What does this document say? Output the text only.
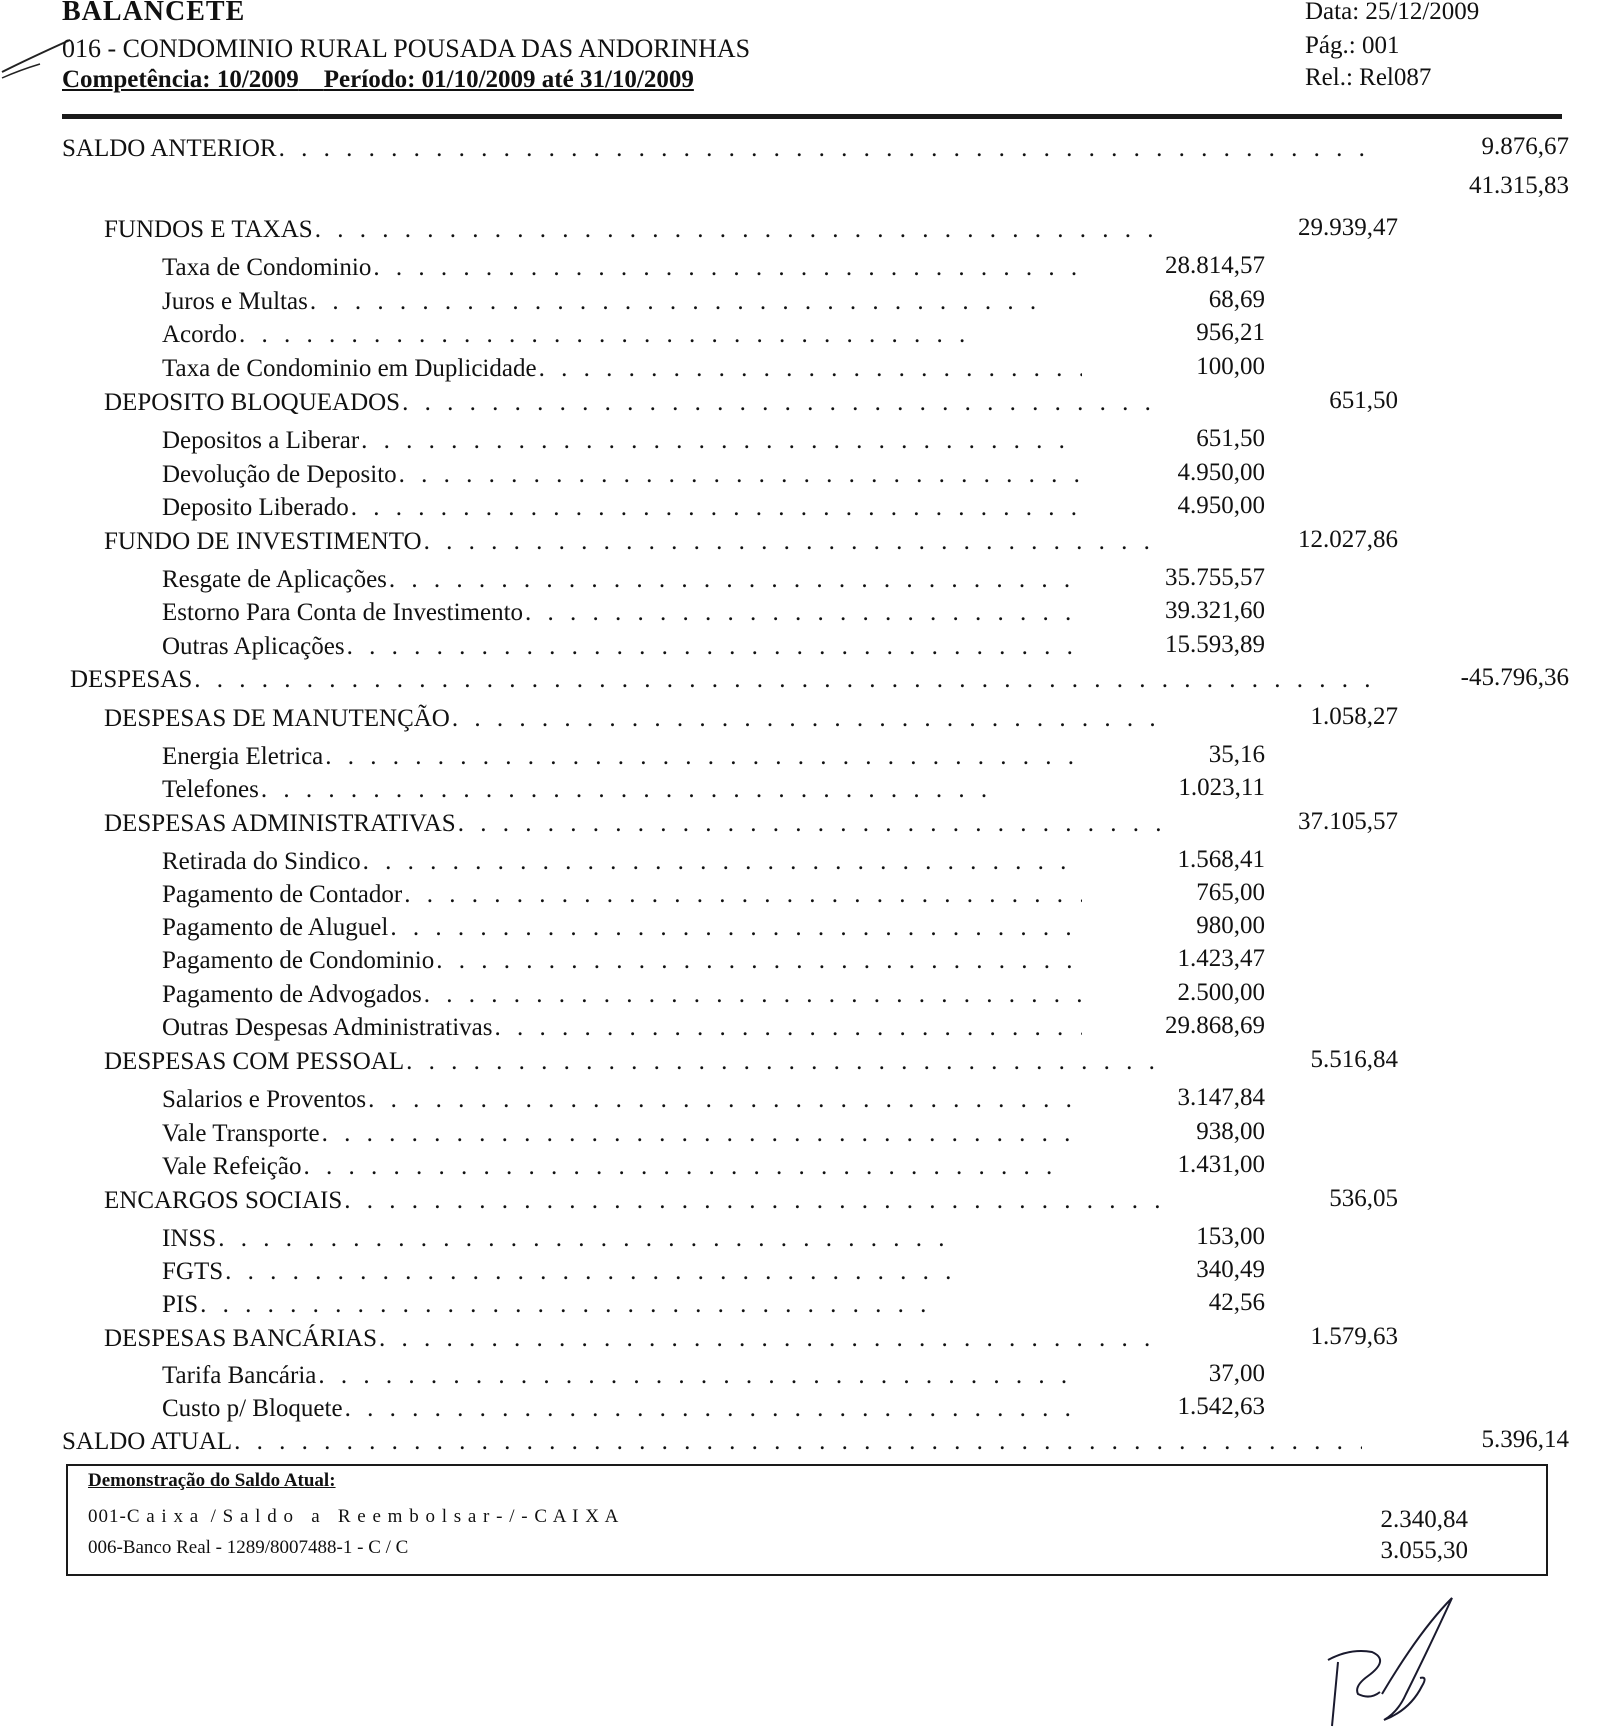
BALANCETE
016 - CONDOMINIO RURAL POUSADA DAS ANDORINHAS
Competência: 10/2009 Período: 01/10/2009 até 31/10/2009
Data: 25/12/2009
Pág.: 001
Rel.: Rel087
SALDO ANTERIOR . . .	9.876,67
41.315,83
FUNDOS E TAXAS . . .	29.939,47
Taxa de Condominio . . .	28.814,57
Juros e Multas . . .	68,69
Acordo . . .	956,21
Taxa de Condominio em Duplicidade . . .	100,00
DEPOSITO BLOQUEADOS . . .	651,50
Depositos a Liberar . . .	651,50
Devolução de Deposito . . .	4.950,00
Deposito Liberado . . .	4.950,00
FUNDO DE INVESTIMENTO . . .	12.027,86
Resgate de Aplicações . . .	35.755,57
Estorno Para Conta de Investimento . . .	39.321,60
Outras Aplicações . . .	15.593,89
DESPESAS . . .	-45.796,36
DESPESAS DE MANUTENÇÃO . . .	1.058,27
Energia Eletrica . . .	35,16
Telefones . . .	1.023,11
DESPESAS ADMINISTRATIVAS . . .	37.105,57
Retirada do Sindico . . .	1.568,41
Pagamento de Contador . . .	765,00
Pagamento de Aluguel . . .	980,00
Pagamento de Condominio . . .	1.423,47
Pagamento de Advogados . . .	2.500,00
Outras Despesas Administrativas . . .	29.868,69
DESPESAS COM PESSOAL . . .	5.516,84
Salarios e Proventos . . .	3.147,84
Vale Transporte . . .	938,00
Vale Refeição . . .	1.431,00
ENCARGOS SOCIAIS . . .	536,05
INSS . . .	153,00
FGTS . . .	340,49
PIS . . .	42,56
DESPESAS BANCÁRIAS . . .	1.579,63
Tarifa Bancária . . .	37,00
Custo p/ Bloquete . . .	1.542,63
SALDO ATUAL . . .	5.396,14
Demonstração do Saldo Atual:
001-C a i x a  / S a l d o   a   R e e m b o l s a r - / - C A I X A	2.340,84
006-Banco Real - 1289/8007488-1 - C / C	3.055,30
